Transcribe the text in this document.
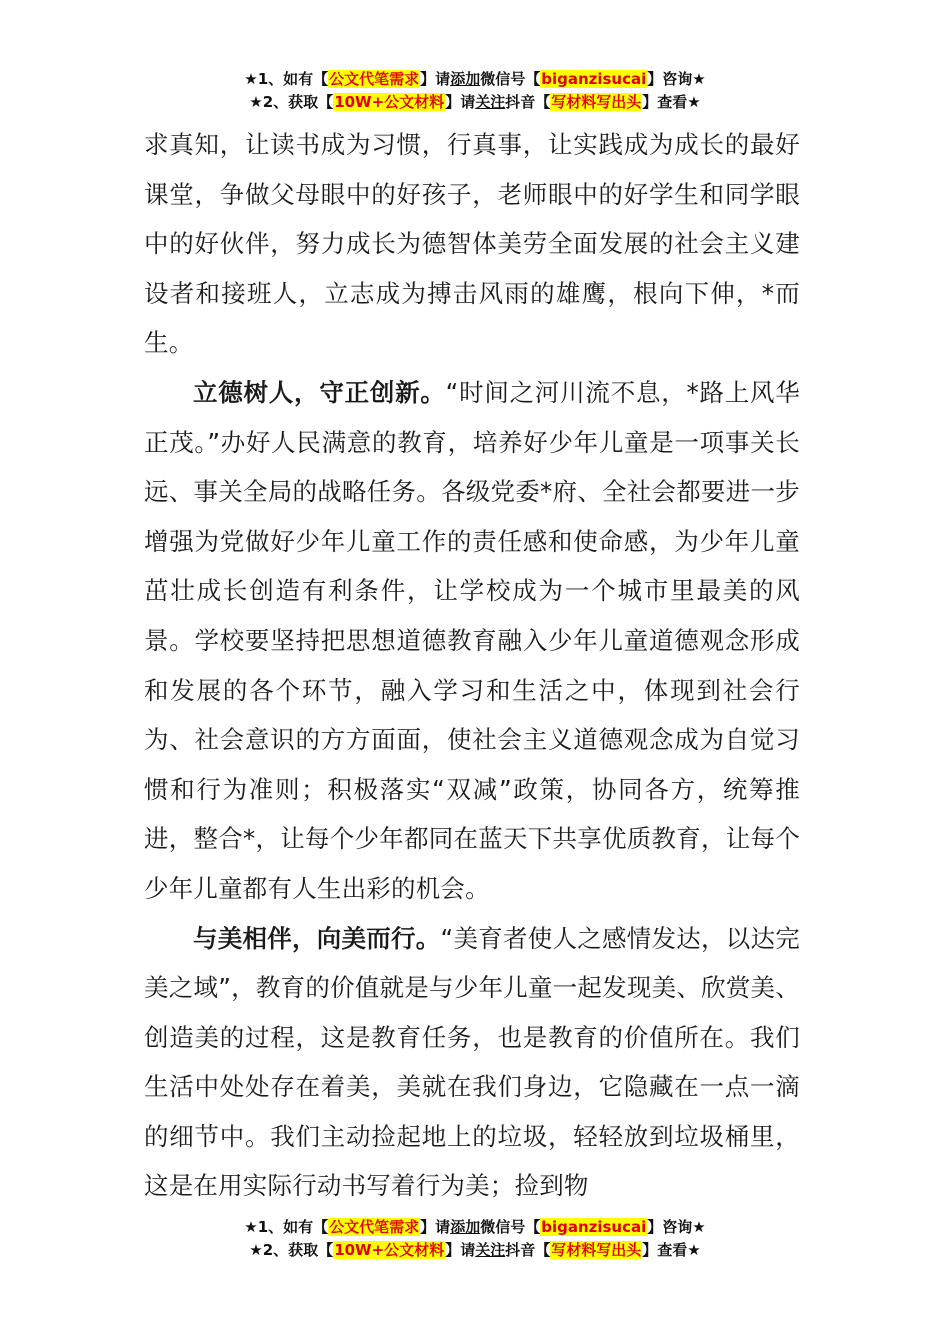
★1、如有【公文代笔需求】请添加微信号【biganzisucai】咨询★
★2、获取【10W+公文材料】请关注抖音【写材料写出头】查看★

求真知，让读书成为习惯，行真事，让实践成为成长的最好课堂，争做父母眼中的好孩子，老师眼中的好学生和同学眼中的好伙伴，努力成长为德智体美劳全面发展的社会主义建设者和接班人，立志成为搏击风雨的雄鹰，根向下伸，*而生。

立德树人，守正创新。“时间之河川流不息，*路上风华正茂。”办好人民满意的教育，培养好少年儿童是一项事关长远、事关全局的战略任务。各级党委*府、全社会都要进一步增强为党做好少年儿童工作的责任感和使命感，为少年儿童茁壮成长创造有利条件，让学校成为一个城市里最美的风景。学校要坚持把思想道德教育融入少年儿童道德观念形成和发展的各个环节，融入学习和生活之中，体现到社会行为、社会意识的方方面面，使社会主义道德观念成为自觉习惯和行为准则；积极落实“双减”政策，协同各方，统筹推进，整合*，让每个少年都同在蓝天下共享优质教育，让每个少年儿童都有人生出彩的机会。

与美相伴，向美而行。“美育者使人之感情发达，以达完美之域”，教育的价值就是与少年儿童一起发现美、欣赏美、创造美的过程，这是教育任务，也是教育的价值所在。我们生活中处处存在着美，美就在我们身边，它隐藏在一点一滴的细节中。我们主动捡起地上的垃圾，轻轻放到垃圾桶里，这是在用实际行动书写着行为美；捡到物

★1、如有【公文代笔需求】请添加微信号【biganzisucai】咨询★
★2、获取【10W+公文材料】请关注抖音【写材料写出头】查看★
